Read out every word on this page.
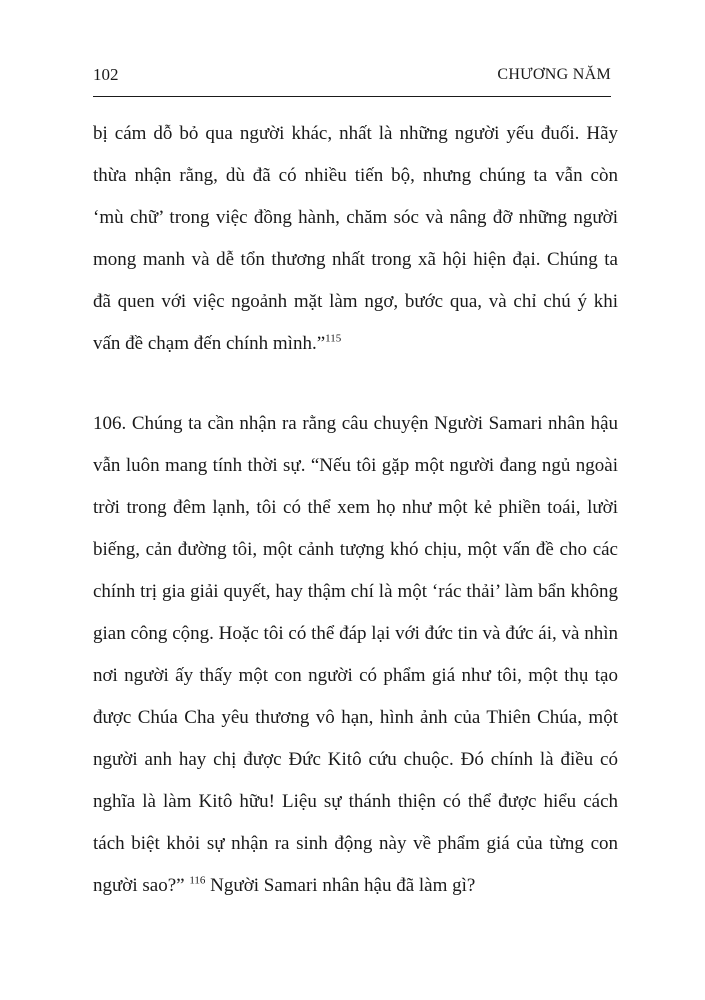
102	CHƯƠNG NĂM
bị cám dỗ bỏ qua người khác, nhất là những người yếu đuối. Hãy
thừa nhận rằng, dù đã có nhiều tiến bộ, nhưng chúng ta vẫn còn
‘mù chữ’ trong việc đồng hành, chăm sóc và nâng đỡ những người
mong manh và dễ tổn thương nhất trong xã hội hiện đại. Chúng ta
đã quen với việc ngoảnh mặt làm ngơ, bước qua, và chỉ chú ý khi
vấn đề chạm đến chính mình.”$^{115}$
106. Chúng ta cần nhận ra rằng câu chuyện Người Samari nhân hậu
vẫn luôn mang tính thời sự. “Nếu tôi gặp một người đang ngủ ngoài
trời trong đêm lạnh, tôi có thể xem họ như một kẻ phiền toái, lười
biếng, cản đường tôi, một cảnh tượng khó chịu, một vấn đề cho các
chính trị gia giải quyết, hay thậm chí là một ‘rác thải’ làm bẩn không
gian công cộng. Hoặc tôi có thể đáp lại với đức tin và đức ái, và nhìn
nơi người ấy thấy một con người có phẩm giá như tôi, một thụ tạo
được Chúa Cha yêu thương vô hạn, hình ảnh của Thiên Chúa, một
người anh hay chị được Đức Kitô cứu chuộc. Đó chính là điều có
nghĩa là làm Kitô hữu! Liệu sự thánh thiện có thể được hiểu cách
tách biệt khỏi sự nhận ra sinh động này về phẩm giá của từng con
người sao?” $^{116}$ Người Samari nhân hậu đã làm gì?
